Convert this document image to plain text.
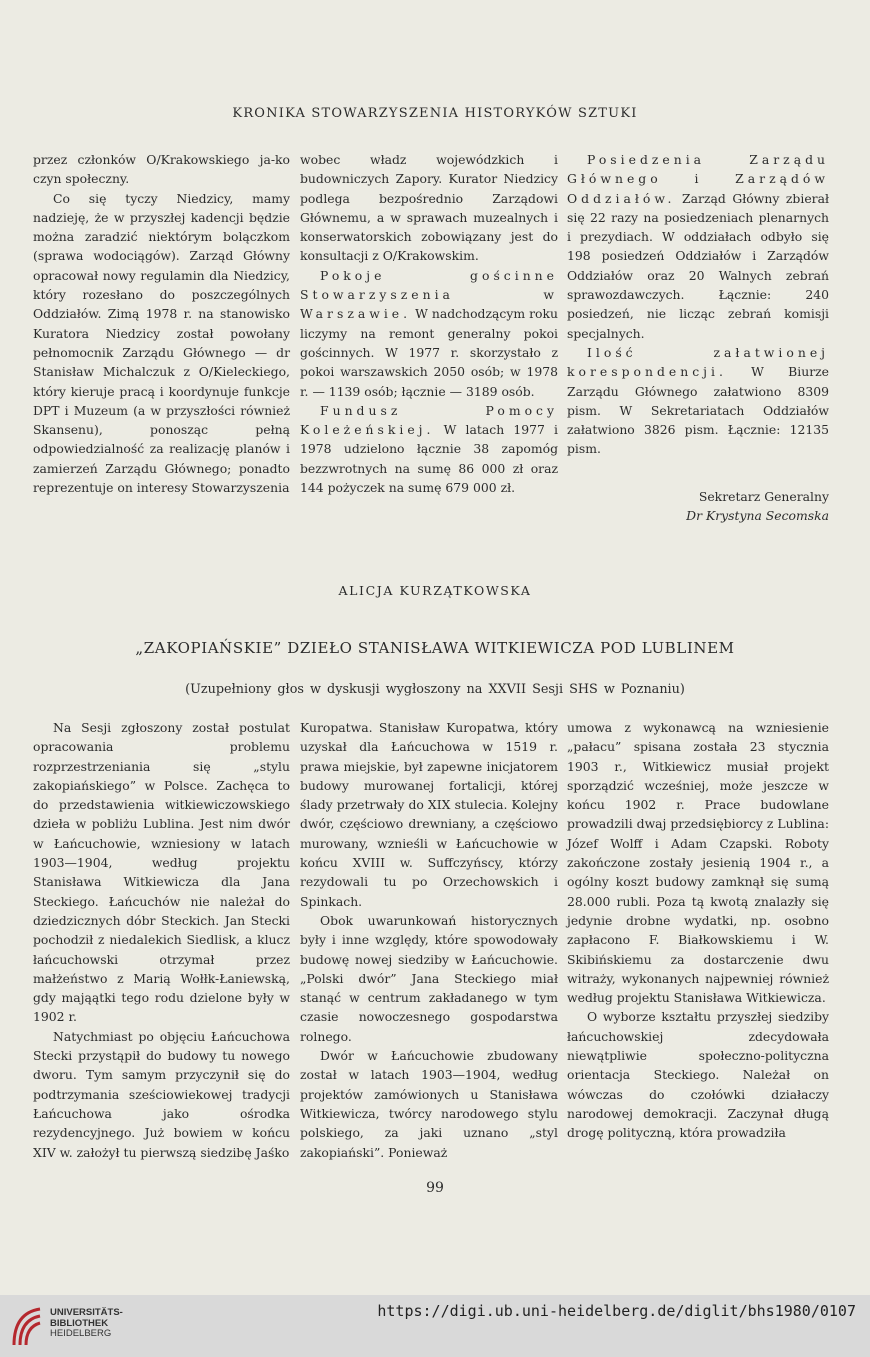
KRONIKA STOWARZYSZENIA HISTORYKÓW SZTUKI

przez członków O/Krakowskiego ja-ko czyn społeczny.

Co się tyczy Niedzicy, mamy nadzieję, że w przyszłej kadencji będzie można zaradzić niektórym bolączkom (sprawa wodociągów). Zarząd Główny opracował nowy regulamin dla Niedzicy, który rozesłano do poszczególnych Oddziałów. Zimą 1978 r. na stanowisko Kuratora Niedzicy został powołany pełnomocnik Zarządu Głównego — dr Stanisław Michalczuk z O/Kieleckiego, który kieruje pracą i koordynuje funkcje DPT i Muzeum (a w przyszłości również Skansenu), ponosząc pełną odpowiedzialność za realizację planów i zamierzeń Zarządu Głównego; ponadto reprezentuje on interesy Stowarzyszenia

wobec władz wojewódzkich i budowniczych Zapory. Kurator Niedzicy podlega bezpośrednio Zarządowi Głównemu, a w sprawach muzealnych i konserwatorskich zobowiązany jest do konsultacji z O/Krakowskim.

Pokoje gościnne Stowarzyszenia w Warszawie. W nadchodzącym roku liczymy na remont generalny pokoi gościnnych. W 1977 r. skorzystało z pokoi warszawskich 2050 osób; w 1978 r. — 1139 osób; łącznie — 3189 osób.

Fundusz Pomocy Koleżeńskiej. W latach 1977 i 1978 udzielono łącznie 38 zapomóg bezzwrotnych na sumę 86 000 zł oraz 144 pożyczek na sumę 679 000 zł.

Posiedzenia Zarządu Głównego i Zarządów Oddziałów. Zarząd Główny zbierał się 22 razy na posiedzeniach plenarnych i prezydiach. W oddziałach odbyło się 198 posiedzeń Oddziałów i Zarządów Oddziałów oraz 20 Walnych zebrań sprawozdawczych. Łącznie: 240 posiedzeń, nie licząc zebrań komisji specjalnych.

Ilość załatwionej korespondencji. W Biurze Zarządu Głównego załatwiono 8309 pism. W Sekretariatach Oddziałów załatwiono 3826 pism. Łącznie: 12135 pism.

Sekretarz Generalny
Dr Krystyna Secomska
ALICJA KURZĄTKOWSKA
„ZAKOPIAŃSKIE” DZIEŁO STANISŁAWA WITKIEWICZA POD LUBLINEM
(Uzupełniony głos w dyskusji wygłoszony na XXVII Sesji SHS w Poznaniu)

Na Sesji zgłoszony został postulat opracowania problemu rozprzestrzeniania się „stylu zakopiańskiego” w Polsce. Zachęca to do przedstawienia witkiewiczowskiego dzieła w pobliżu Lublina. Jest nim dwór w Łańcuchowie, wzniesiony w latach 1903—1904, według projektu Stanisława Witkiewicza dla Jana Steckiego. Łańcuchów nie należał do dziedzicznych dóbr Steckich. Jan Stecki pochodził z niedalekich Siedlisk, a klucz łańcuchowski otrzymał przez małżeństwo z Marią Wołłk-Łaniewską, gdy mająątki tego rodu dzielone były w 1902 r.

Natychmiast po objęciu Łańcuchowa Stecki przystąpił do budowy tu nowego dworu. Tym samym przyczynił się do podtrzymania sześciowiekowej tradycji Łańcuchowa jako ośrodka rezydencyjnego. Już bowiem w końcu XIV w. założył tu pierwszą siedzibę Jaśko

Kuropatwa. Stanisław Kuropatwa, który uzyskał dla Łańcuchowa w 1519 r. prawa miejskie, był zapewne inicjatorem budowy murowanej fortalicji, której ślady przetrwały do XIX stulecia. Kolejny dwór, częściowo drewniany, a częściowo murowany, wznieśli w Łańcuchowie w końcu XVIII w. Suffczyńscy, którzy rezydowali tu po Orzechowskich i Spinkach.

Obok uwarunkowań historycznych były i inne względy, które spowodowały budowę nowej siedziby w Łańcuchowie. „Polski dwór” Jana Steckiego miał stanąć w centrum zakładanego w tym czasie nowoczesnego gospodarstwa rolnego.

Dwór w Łańcuchowie zbudowany został w latach 1903—1904, według projektów zamówionych u Stanisława Witkiewicza, twórcy narodowego stylu polskiego, za jaki uznano „styl zakopiański”. Ponieważ

umowa z wykonawcą na wzniesienie „pałacu” spisana została 23 stycznia 1903 r., Witkiewicz musiał projekt sporządzić wcześniej, może jeszcze w końcu 1902 r. Prace budowlane prowadzili dwaj przedsiębiorcy z Lublina: Józef Wolff i Adam Czapski. Roboty zakończone zostały jesienią 1904 r., a ogólny koszt budowy zamknął się sumą 28.000 rubli. Poza tą kwotą znalazły się jedynie drobne wydatki, np. osobno zapłacono F. Białkowskiemu i W. Skibińskiemu za dostarczenie dwu witraży, wykonanych najpewniej również według projektu Stanisława Witkiewicza.

O wyborze kształtu przyszłej siedziby łańcuchowskiej zdecydowała niewątpliwie społeczno-polityczna orientacja Steckiego. Należał on wówczas do czołówki działaczy narodowej demokracji. Zaczynał długą drogę polityczną, która prowadziła

99
UNIVERSITÄTS-
BIBLIOTHEK
HEIDELBERG
https://digi.ub.uni-heidelberg.de/diglit/bhs1980/0107
